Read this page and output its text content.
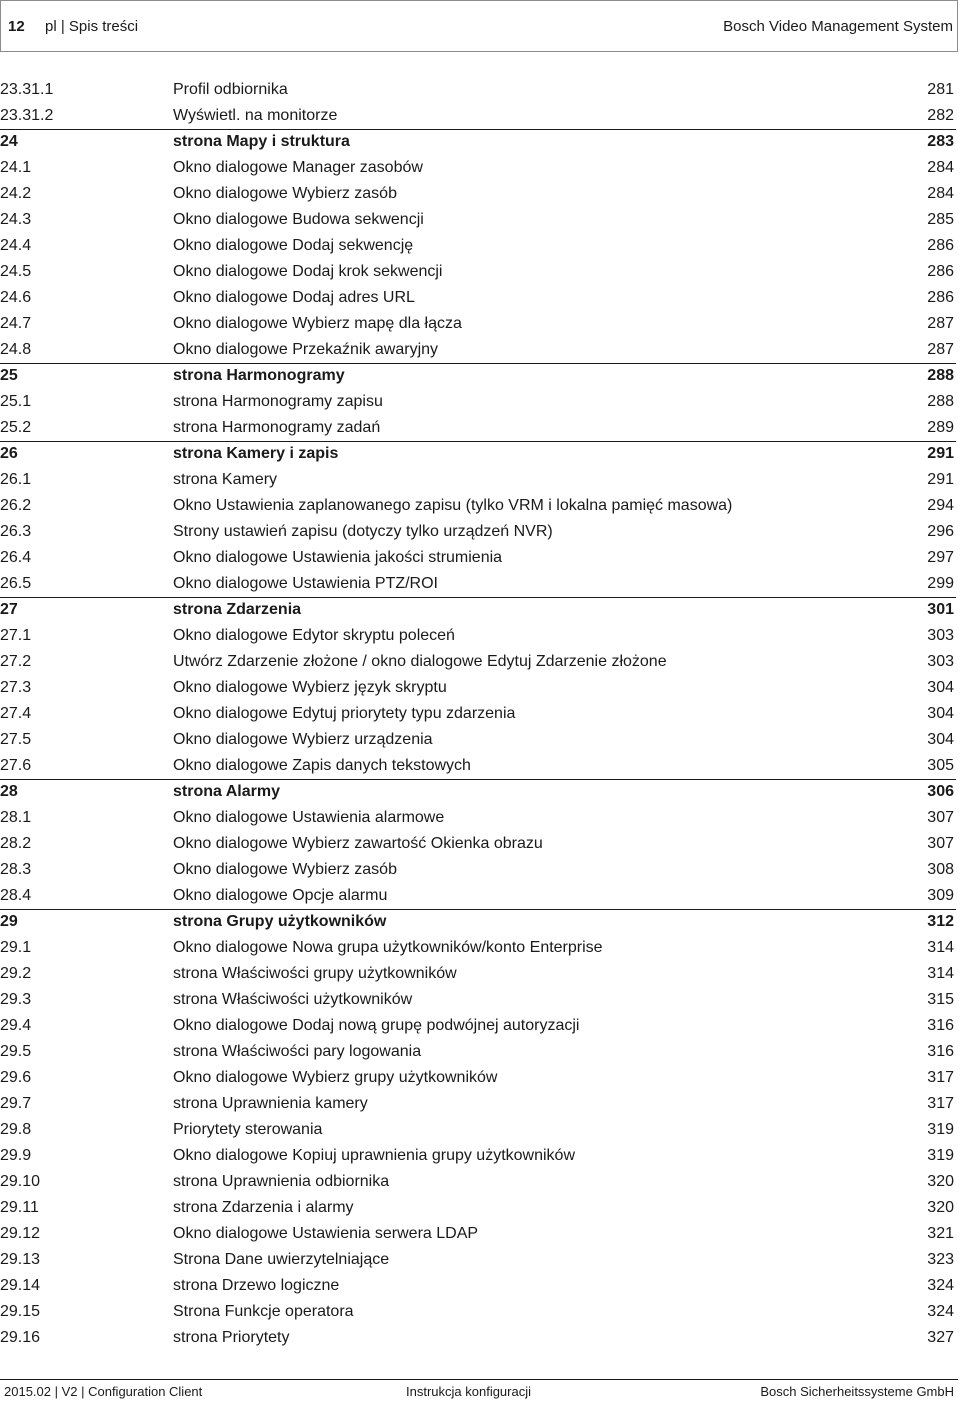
12 pl | Spis treści	Bosch Video Management System
23.31.1	Profil odbiornika	281
23.31.2	Wyświetl. na monitorze	282
24	strona Mapy i struktura	283
24.1	Okno dialogowe Manager zasobów	284
24.2	Okno dialogowe Wybierz zasób	284
24.3	Okno dialogowe Budowa sekwencji	285
24.4	Okno dialogowe Dodaj sekwencję	286
24.5	Okno dialogowe Dodaj krok sekwencji	286
24.6	Okno dialogowe Dodaj adres URL	286
24.7	Okno dialogowe Wybierz mapę dla łącza	287
24.8	Okno dialogowe Przekaźnik awaryjny	287
25	strona Harmonogramy	288
25.1	strona Harmonogramy zapisu	288
25.2	strona Harmonogramy zadań	289
26	strona Kamery i zapis	291
26.1	strona Kamery	291
26.2	Okno Ustawienia zaplanowanego zapisu (tylko VRM i lokalna pamięć masowa)	294
26.3	Strony ustawień zapisu (dotyczy tylko urządzeń NVR)	296
26.4	Okno dialogowe Ustawienia jakości strumienia	297
26.5	Okno dialogowe Ustawienia PTZ/ROI	299
27	strona Zdarzenia	301
27.1	Okno dialogowe Edytor skryptu poleceń	303
27.2	Utwórz Zdarzenie złożone / okno dialogowe Edytuj Zdarzenie złożone	303
27.3	Okno dialogowe Wybierz język skryptu	304
27.4	Okno dialogowe Edytuj priorytety typu zdarzenia	304
27.5	Okno dialogowe Wybierz urządzenia	304
27.6	Okno dialogowe Zapis danych tekstowych	305
28	strona Alarmy	306
28.1	Okno dialogowe Ustawienia alarmowe	307
28.2	Okno dialogowe Wybierz zawartość Okienka obrazu	307
28.3	Okno dialogowe Wybierz zasób	308
28.4	Okno dialogowe Opcje alarmu	309
29	strona Grupy użytkowników	312
29.1	Okno dialogowe Nowa grupa użytkowników/konto Enterprise	314
29.2	strona Właściwości grupy użytkowników	314
29.3	strona Właściwości użytkowników	315
29.4	Okno dialogowe Dodaj nową grupę podwójnej autoryzacji	316
29.5	strona Właściwości pary logowania	316
29.6	Okno dialogowe Wybierz grupy użytkowników	317
29.7	strona Uprawnienia kamery	317
29.8	Priorytety sterowania	319
29.9	Okno dialogowe Kopiuj uprawnienia grupy użytkowników	319
29.10	strona Uprawnienia odbiornika	320
29.11	strona Zdarzenia i alarmy	320
29.12	Okno dialogowe Ustawienia serwera LDAP	321
29.13	Strona Dane uwierzytelniające	323
29.14	strona Drzewo logiczne	324
29.15	Strona Funkcje operatora	324
29.16	strona Priorytety	327
2015.02 | V2 | Configuration Client	Instrukcja konfiguracji	Bosch Sicherheitssysteme GmbH
